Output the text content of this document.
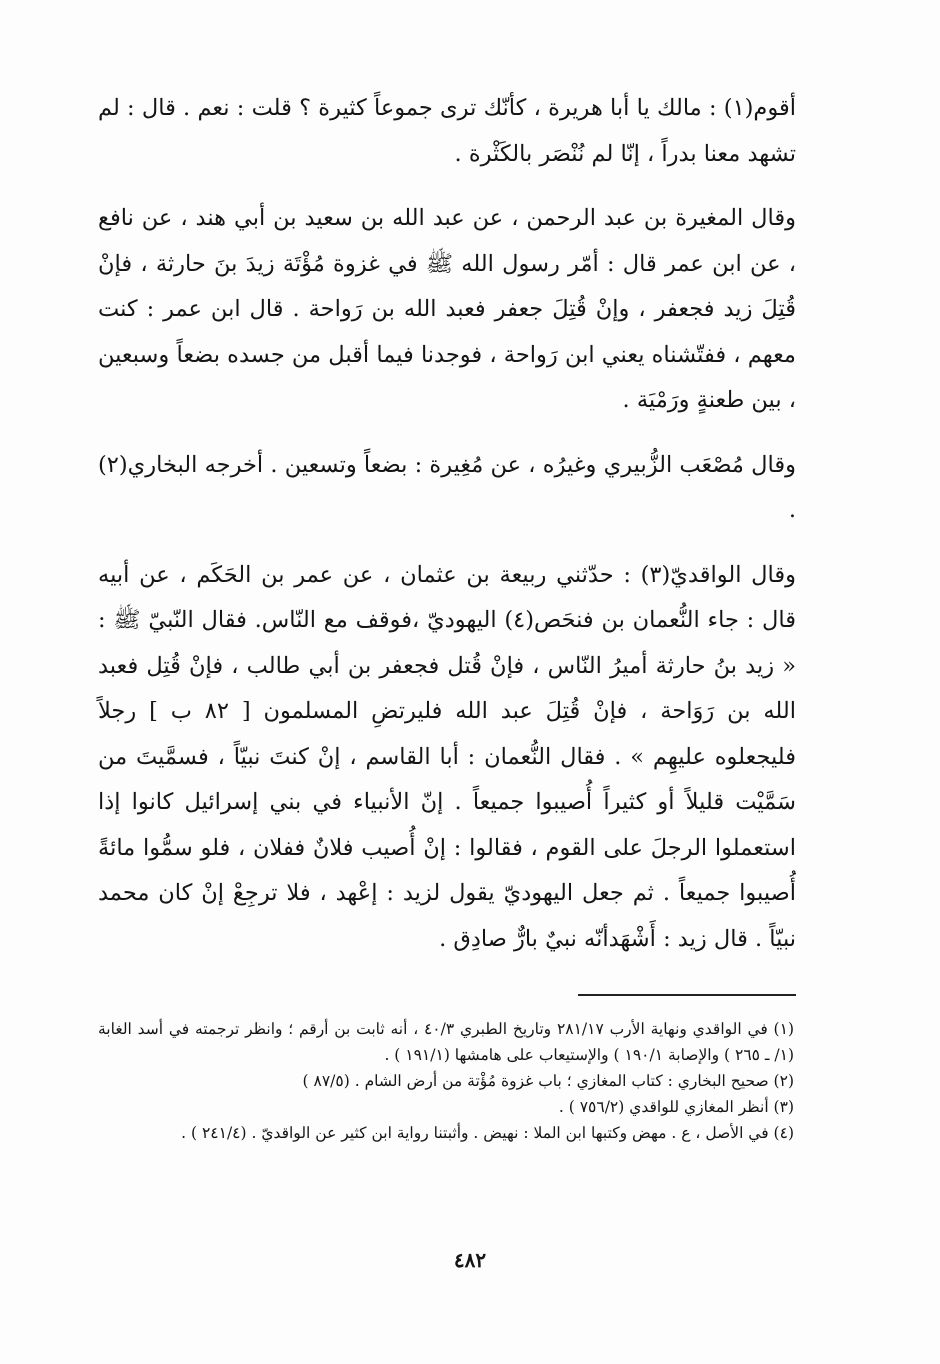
أقوم(١) : مالك يا أبا هريرة ، كأنّك ترى جموعاً كثيرة ؟ قلت : نعم . قال : لم تشهد معنا بدراً ، إنّا لم نُنْصَر بالكَثْرة .

وقال المغيرة بن عبد الرحمن ، عن عبد الله بن سعيد بن أبي هند ، عن نافع ، عن ابن عمر قال : أمّر رسول الله ﷺ في غزوة مُؤْتَة زيدَ بنَ حارثة ، فإنْ قُتِلَ زيد فجعفر ، وإنْ قُتِلَ جعفر فعبد الله بن رَواحة . قال ابن عمر : كنت معهم ، ففتّشناه يعني ابن رَواحة ، فوجدنا فيما أقبل من جسده بضعاً وسبعين ، بين طعنةٍ ورَمْيَة .

وقال مُصْعَب الزُّبيري وغيرُه ، عن مُغِيرة : بضعاً وتسعين . أخرجه البخاري(٢) .

وقال الواقديّ(٣) : حدّثني ربيعة بن عثمان ، عن عمر بن الحَكَم ، عن أبيه قال : جاء النُّعمان بن فنحَص(٤) اليهوديّ ،فوقف مع النّاس. فقال النّبيّ ﷺ : « زيد بنُ حارثة أميرُ النّاس ، فإنْ قُتل فجعفر بن أبي طالب ، فإنْ قُتِل فعبد الله بن رَوَاحة ، فإنْ قُتِلَ عبد الله فليرتضِ المسلمون [ ٨٢ ب ] رجلاً فليجعلوه عليهِم » . فقال النُّعمان : أبا القاسم ، إنْ كنتَ نبيّاً ، فسمَّيتَ من سَمَّيْت قليلاً أو كثيراً أُصيبوا جميعاً . إنّ الأنبياء في بني إسرائيل كانوا إذا استعملوا الرجلَ على القوم ، فقالوا : إنْ أُصيب فلانٌ ففلان ، فلو سمُّوا مائةً أُصيبوا جميعاً . ثم جعل اليهوديّ يقول لزيد : إعْهد ، فلا ترجِعْ إنْ كان محمد نبيّاً . قال زيد : أَشْهَدأنّه نبيٌ بارٌّ صادِق .

(١) في الواقدي ونهاية الأرب ٢٨١/١٧ وتاريخ الطبري ٤٠/٣ ، أنه ثابت بن أرقم ؛ وانظر ترجمته في أسد الغابة (١/ ـ ٢٦٥ ) والإصابة ١٩٠/١ ) والإستيعاب على هامشها (١٩١/١ ) .

(٢) صحيح البخاري : كتاب المغازي ؛ باب غزوة مُؤْتة من أرض الشام . (٨٧/٥ )

(٣) أنظر المغازي للواقدي (٧٥٦/٢ ) .

(٤) في الأصل ، ع . مهض وكتبها ابن الملا : نهيض . وأثبتنا رواية ابن كثير عن الواقديّ . (٢٤١/٤ ) .

٤٨٢
